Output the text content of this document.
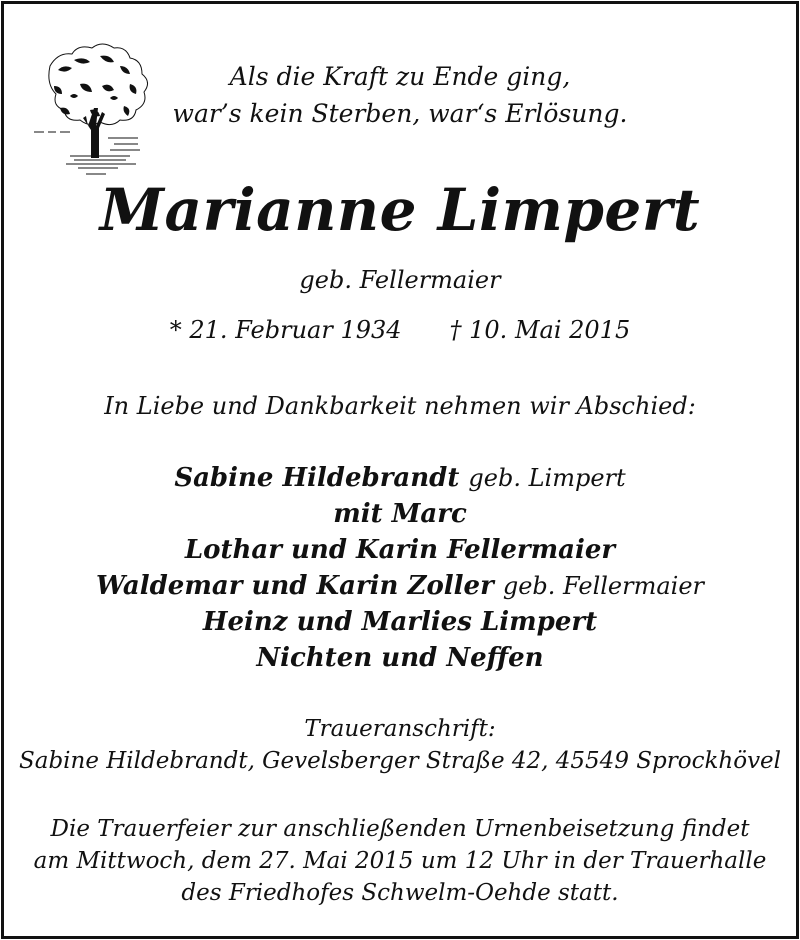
Als die Kraft zu Ende ging,
war’s kein Sterben, war‘s Erlösung.
Marianne Limpert
geb. Fellermaier
* 21. Februar 1934 † 10. Mai 2015
In Liebe und Dankbarkeit nehmen wir Abschied:
Sabine Hildebrandt geb. Limpert
mit Marc
Lothar und Karin Fellermaier
Waldemar und Karin Zoller geb. Fellermaier
Heinz und Marlies Limpert
Nichten und Neffen
Traueranschrift:
Sabine Hildebrandt, Gevelsberger Straße 42, 45549 Sprockhövel
Die Trauerfeier zur anschließenden Urnenbeisetzung findet
am Mittwoch, dem 27. Mai 2015 um 12 Uhr in der Trauerhalle
des Friedhofes Schwelm-Oehde statt.
